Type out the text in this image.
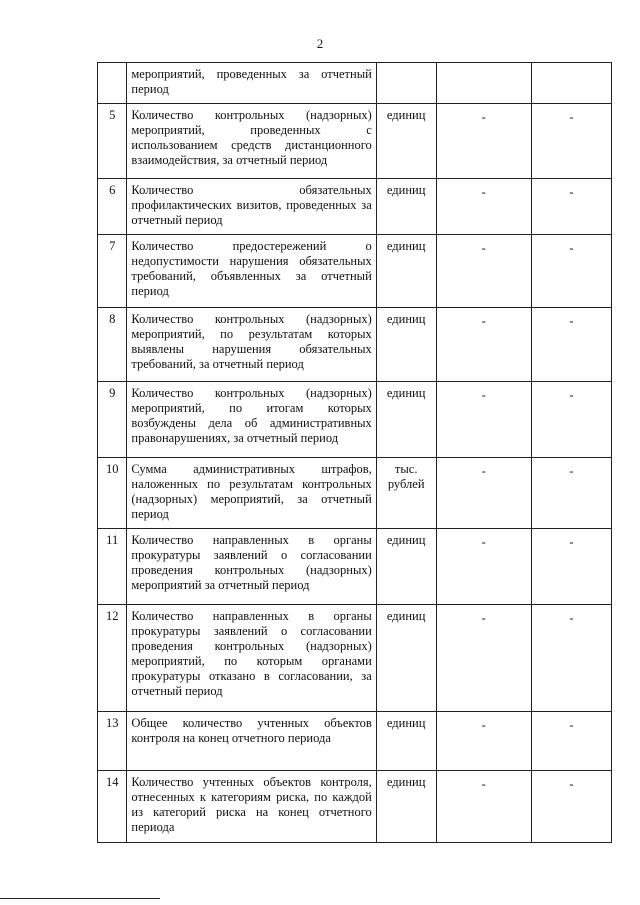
2
	мероприятий, проведенных за отчетный период			
5	Количество контрольных (надзорных) мероприятий, проведенных с использованием средств дистанционного взаимодействия, за отчетный период	единиц	-	-
6	Количество обязательных профилактических визитов, проведенных за отчетный период	единиц	-	-
7	Количество предостережений о недопустимости нарушения обязательных требований, объявленных за отчетный период	единиц	-	-
8	Количество контрольных (надзорных) мероприятий, по результатам которых выявлены нарушения обязательных требований, за отчетный период	единиц	-	-
9	Количество контрольных (надзорных) мероприятий, по итогам которых возбуждены дела об административных правонарушениях, за отчетный период	единиц	-	-
10	Сумма административных штрафов, наложенных по результатам контрольных (надзорных) мероприятий, за отчетный период	тыс. рублей	-	-
11	Количество направленных в органы прокуратуры заявлений о согласовании проведения контрольных (надзорных) мероприятий за отчетный период	единиц	-	-
12	Количество направленных в органы прокуратуры заявлений о согласовании проведения контрольных (надзорных) мероприятий, по которым органами прокуратуры отказано в согласовании, за отчетный период	единиц	-	-
13	Общее количество учтенных объектов контроля на конец отчетного периода	единиц	-	-
14	Количество учтенных объектов контроля, отнесенных к категориям риска, по каждой из категорий риска на конец отчетного периода	единиц	-	-
